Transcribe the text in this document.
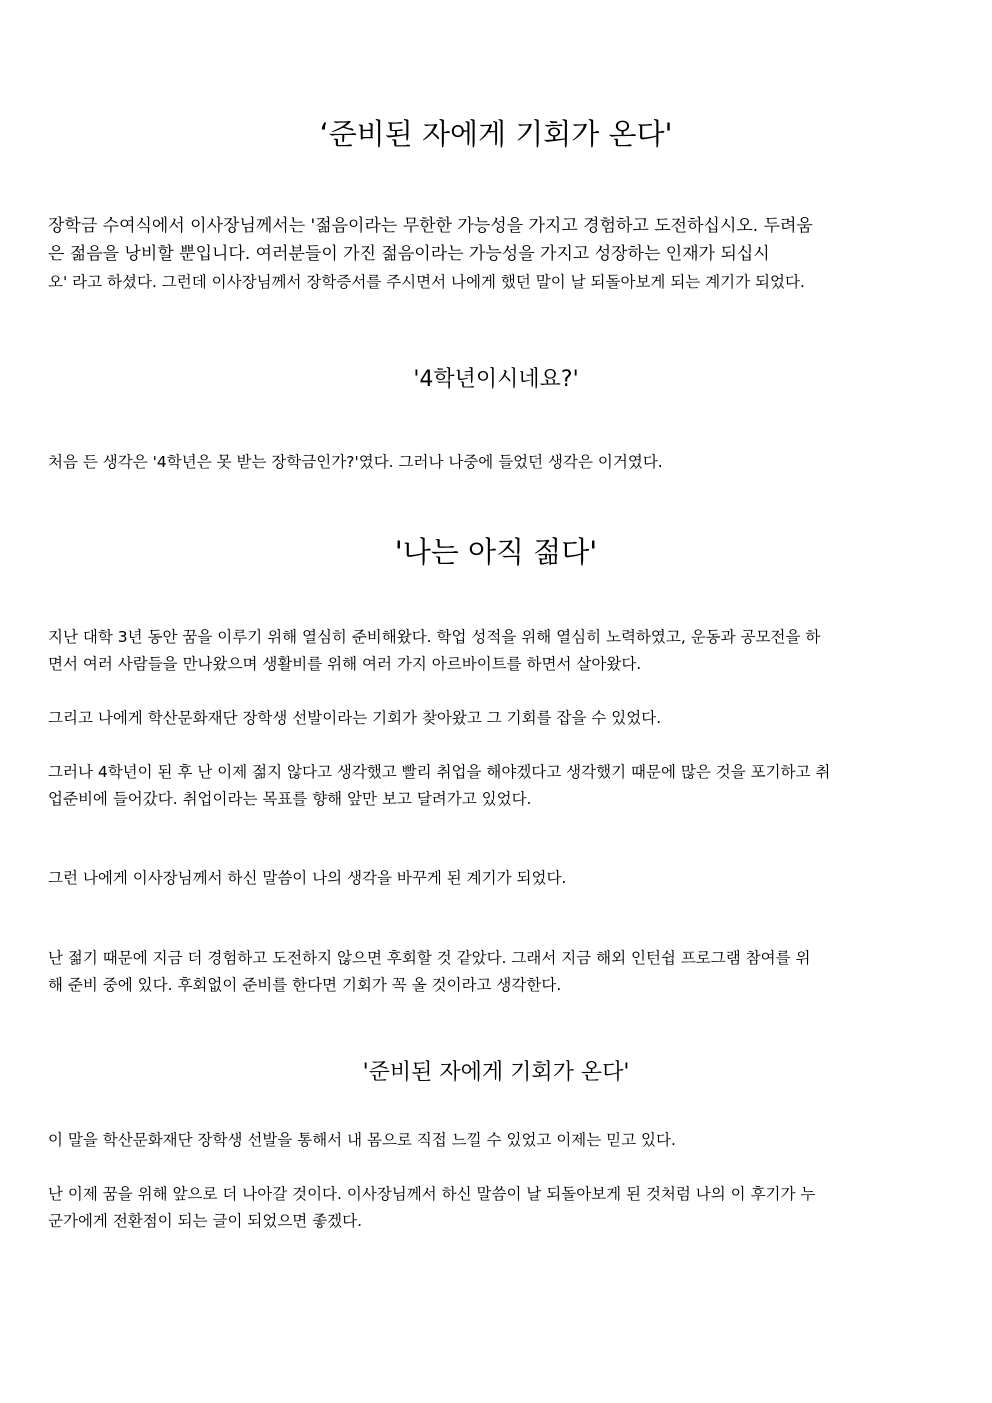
‘준비된 자에게 기회가 온다'
장학금 수여식에서 이사장님께서는 '젊음이라는 무한한 가능성을 가지고 경험하고 도전하십시오. 두려움
은 젊음을 낭비할 뿐입니다. 여러분들이 가진 젊음이라는 가능성을 가지고 성장하는 인재가 되십시
오' 라고 하셨다. 그런데 이사장님께서 장학증서를 주시면서 나에게 했던 말이 날 되돌아보게 되는 계기가 되었다.
'4학년이시네요?'
처음 든 생각은 '4학년은 못 받는 장학금인가?'였다. 그러나 나중에 들었던 생각은 이거였다.
'나는 아직 젊다'
지난 대학 3년 동안 꿈을 이루기 위해 열심히 준비해왔다. 학업 성적을 위해 열심히 노력하였고, 운동과 공모전을 하
면서 여러 사람들을 만나왔으며 생활비를 위해 여러 가지 아르바이트를 하면서 살아왔다.
그리고 나에게 학산문화재단 장학생 선발이라는 기회가 찾아왔고 그 기회를 잡을 수 있었다.
그러나 4학년이 된 후 난 이제 젊지 않다고 생각했고 빨리 취업을 해야겠다고 생각했기 때문에 많은 것을 포기하고 취
업준비에 들어갔다. 취업이라는 목표를 향해 앞만 보고 달려가고 있었다.
그런 나에게 이사장님께서 하신 말씀이 나의 생각을 바꾸게 된 계기가 되었다.
난 젊기 때문에 지금 더 경험하고 도전하지 않으면 후회할 것 같았다. 그래서 지금 해외 인턴쉽 프로그램 참여를 위
해 준비 중에 있다. 후회없이 준비를 한다면 기회가 꼭 올 것이라고 생각한다.
'준비된 자에게 기회가 온다'
이 말을 학산문화재단 장학생 선발을 통해서 내 몸으로 직접 느낄 수 있었고 이제는 믿고 있다.
난 이제 꿈을 위해 앞으로 더 나아갈 것이다. 이사장님께서 하신 말씀이 날 되돌아보게 된 것처럼 나의 이 후기가 누
군가에게 전환점이 되는 글이 되었으면 좋겠다.
